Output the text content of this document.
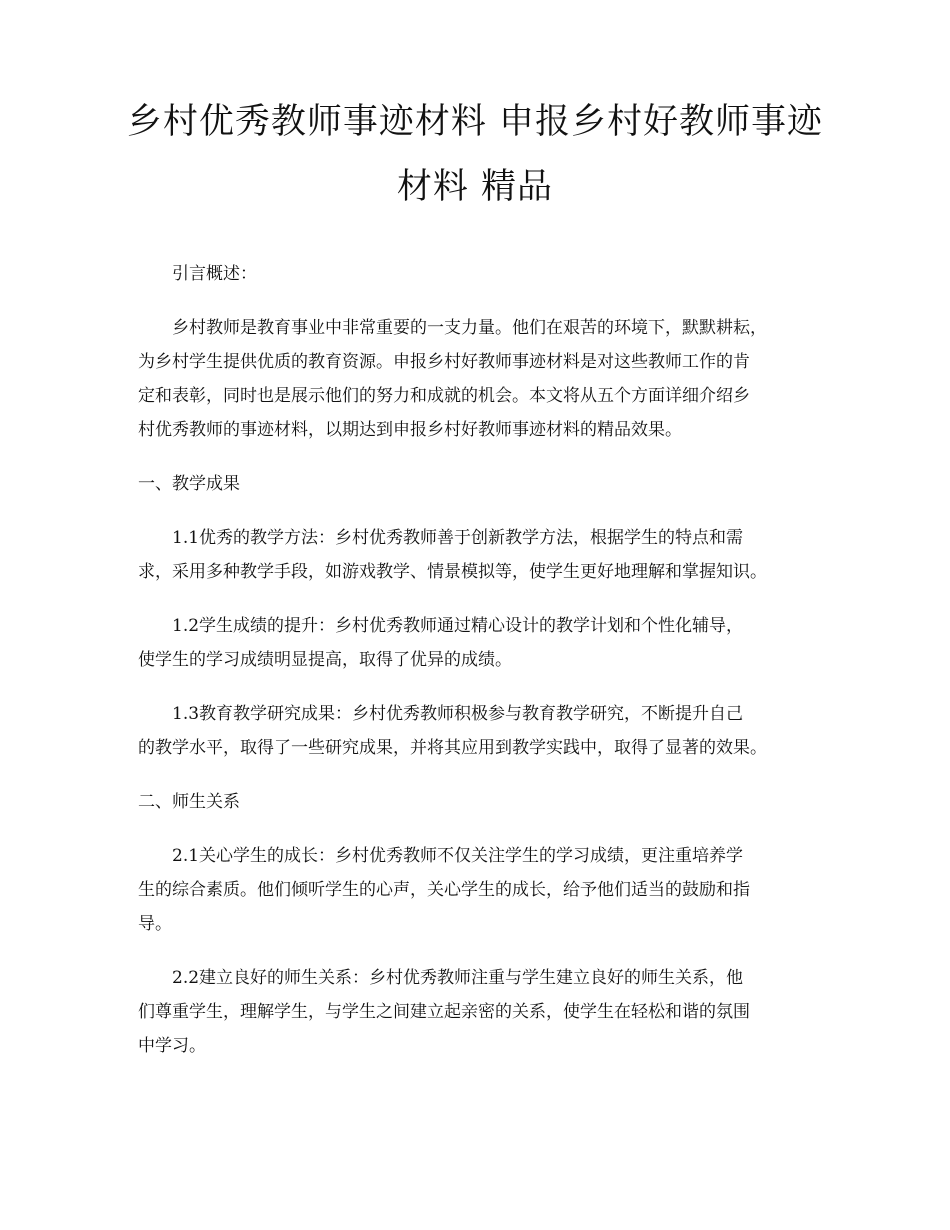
乡村优秀教师事迹材料 申报乡村好教师事迹
材料 精品

引言概述：

乡村教师是教育事业中非常重要的一支力量。他们在艰苦的环境下，默默耕耘，

为乡村学生提供优质的教育资源。申报乡村好教师事迹材料是对这些教师工作的肯

定和表彰，同时也是展示他们的努力和成就的机会。本文将从五个方面详细介绍乡

村优秀教师的事迹材料，以期达到申报乡村好教师事迹材料的精品效果。

一、教学成果

1.1优秀的教学方法：乡村优秀教师善于创新教学方法，根据学生的特点和需

求，采用多种教学手段，如游戏教学、情景模拟等，使学生更好地理解和掌握知识。

1.2学生成绩的提升：乡村优秀教师通过精心设计的教学计划和个性化辅导，

使学生的学习成绩明显提高，取得了优异的成绩。

1.3教育教学研究成果：乡村优秀教师积极参与教育教学研究，不断提升自己

的教学水平，取得了一些研究成果，并将其应用到教学实践中，取得了显著的效果。

二、师生关系

2.1关心学生的成长：乡村优秀教师不仅关注学生的学习成绩，更注重培养学

生的综合素质。他们倾听学生的心声，关心学生的成长，给予他们适当的鼓励和指

导。

2.2建立良好的师生关系：乡村优秀教师注重与学生建立良好的师生关系，他

们尊重学生，理解学生，与学生之间建立起亲密的关系，使学生在轻松和谐的氛围

中学习。
